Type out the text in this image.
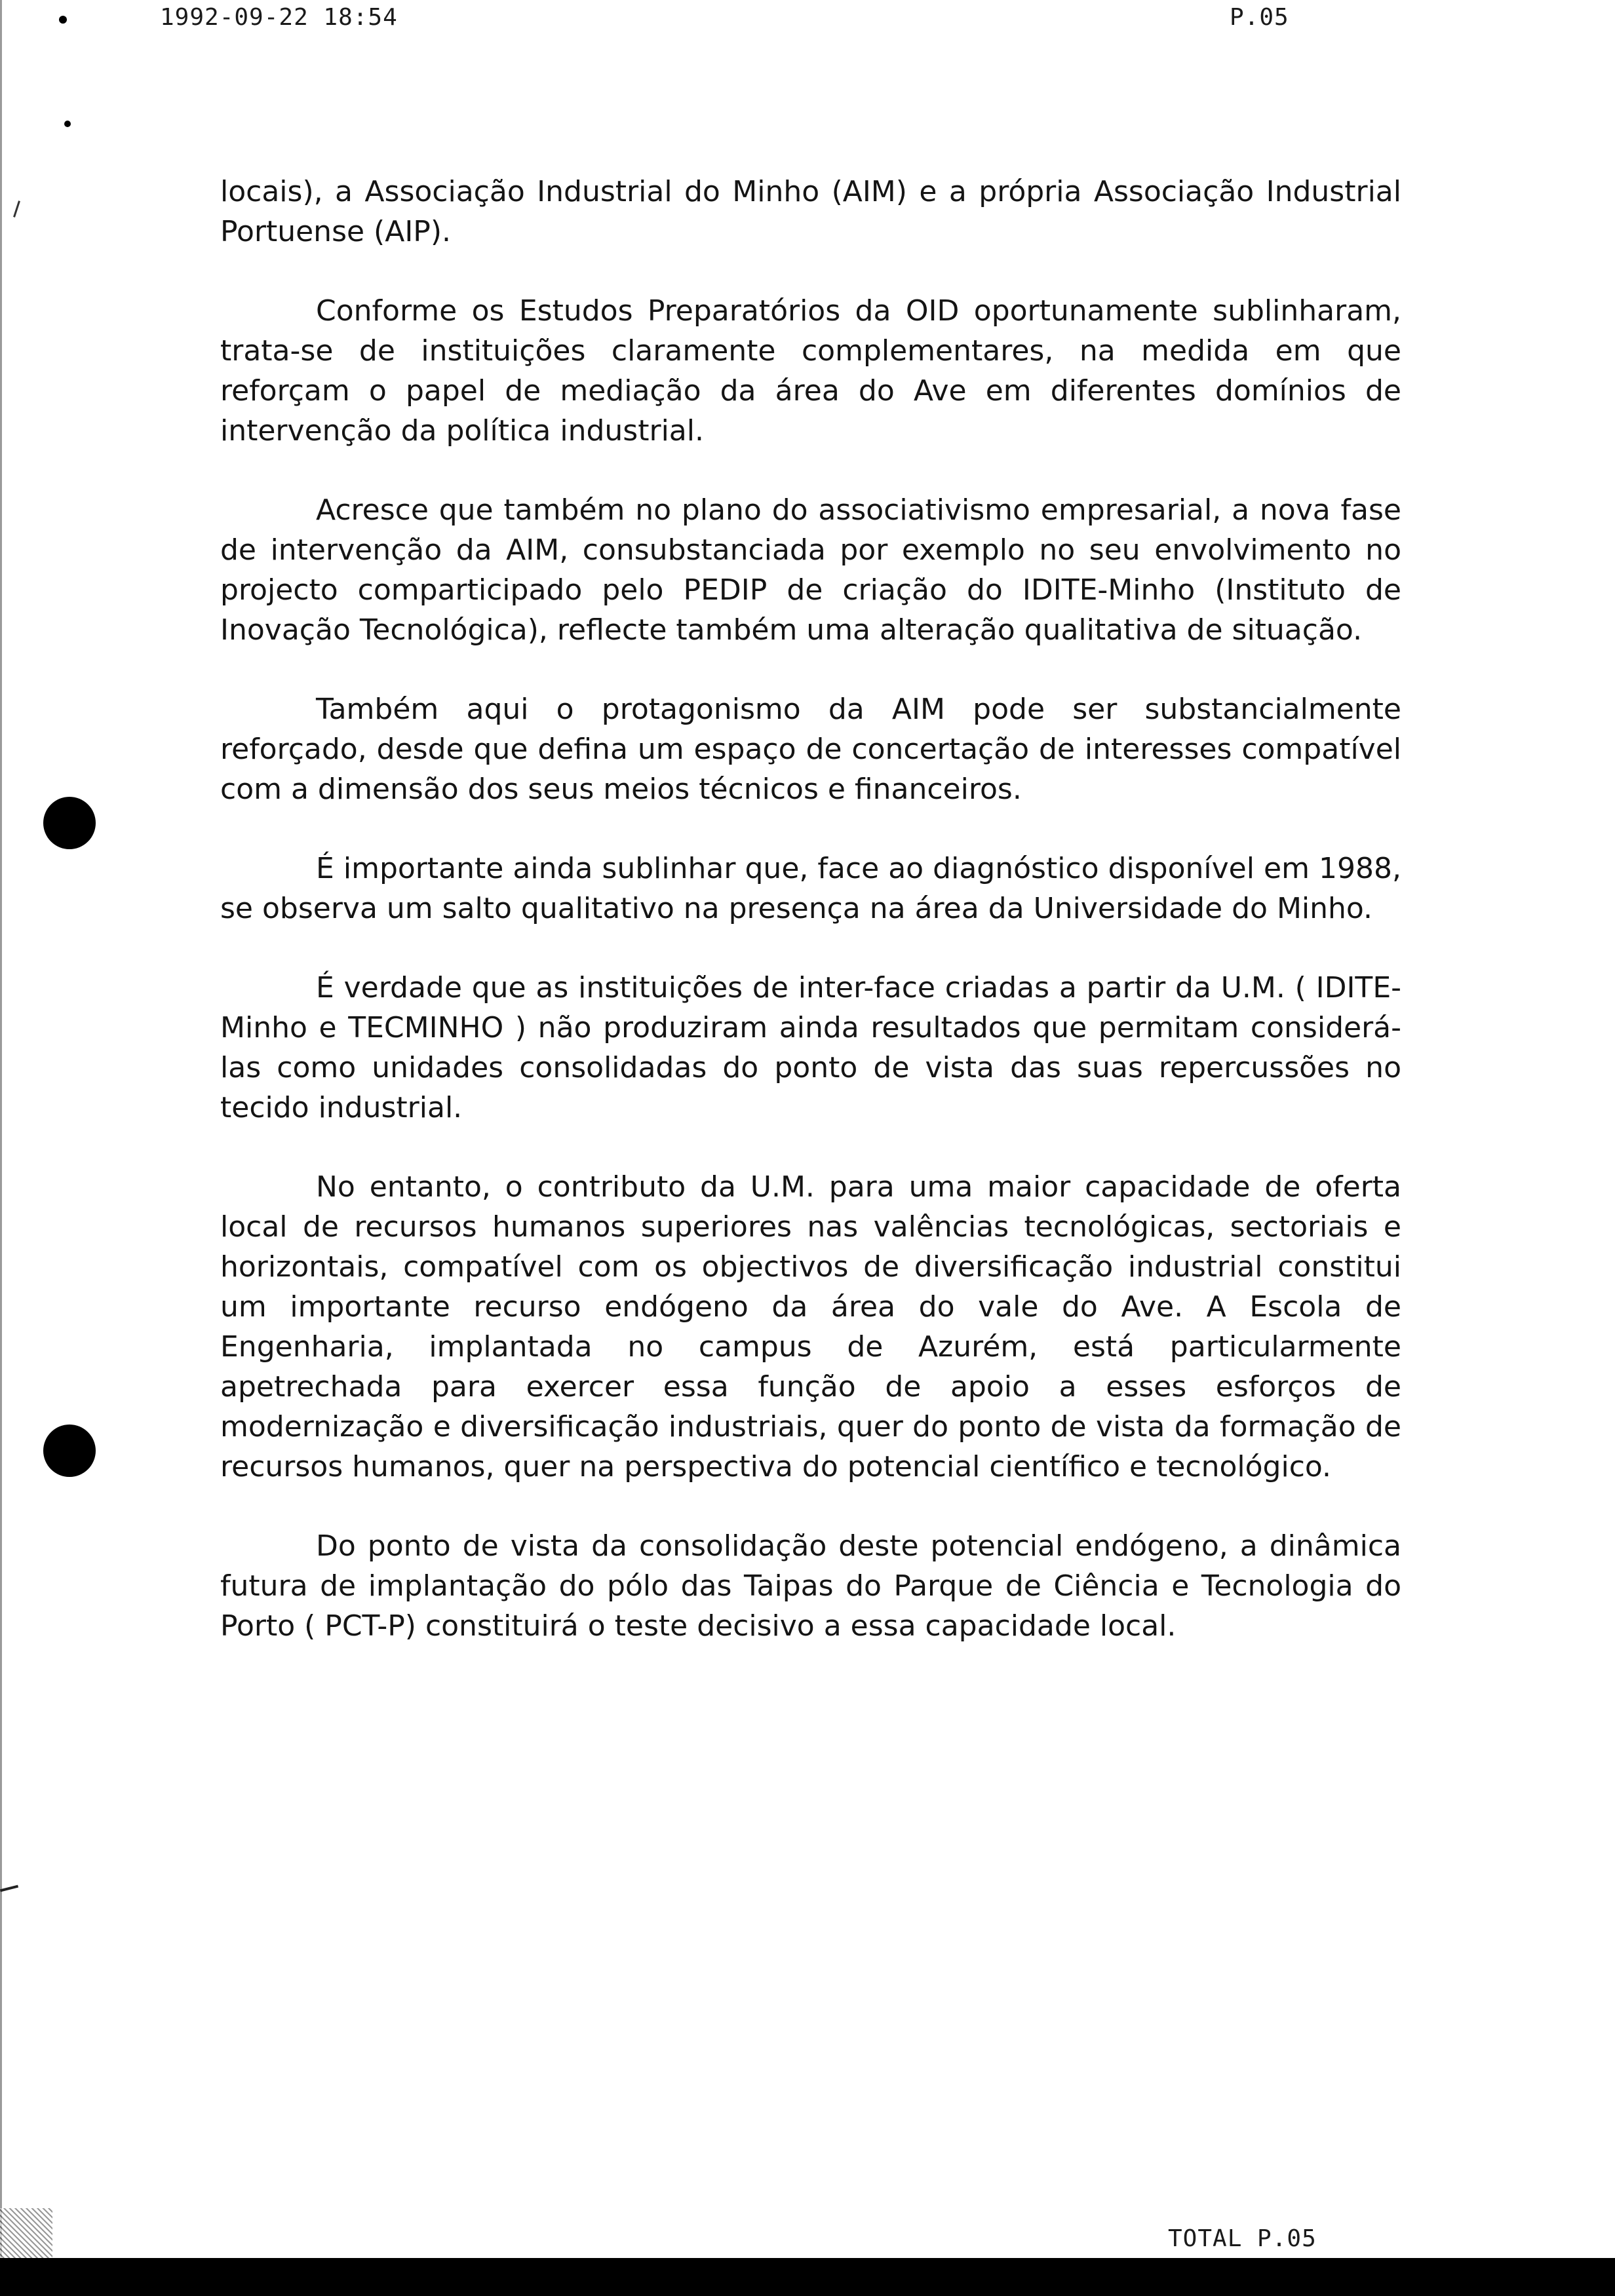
1992-09-22 18:54	P.05

locais), a Associação Industrial do Minho (AIM) e a própria Associação Industrial Portuense (AIP).

Conforme os Estudos Preparatórios da OID oportunamente sublinharam, trata-se de instituições claramente complementares, na medida em que reforçam o papel de mediação da área do Ave em diferentes domínios de intervenção da política industrial.

Acresce que também no plano do associativismo empresarial, a nova fase de intervenção da AIM, consubstanciada por exemplo no seu envolvimento no projecto comparticipado pelo PEDIP de criação do IDITE-Minho (Instituto de Inovação Tecnológica), reflecte também uma alteração qualitativa de situação.

Também aqui o protagonismo da AIM pode ser substancialmente reforçado, desde que defina um espaço de concertação de interesses compatível com a dimensão dos seus meios técnicos e financeiros.

É importante ainda sublinhar que, face ao diagnóstico disponível em 1988, se observa um salto qualitativo na presença na área da Universidade do Minho.

É verdade que as instituições de inter-face criadas a partir da U.M. ( IDITE-Minho e TECMINHO ) não produziram ainda resultados que permitam considerá-las como unidades consolidadas do ponto de vista das suas repercussões no tecido industrial.

No entanto, o contributo da U.M. para uma maior capacidade de oferta local de recursos humanos superiores nas valências tecnológicas, sectoriais e horizontais, compatível com os objectivos de diversificação industrial constitui um importante recurso endógeno da área do vale do Ave. A Escola de Engenharia, implantada no campus de Azurém, está particularmente apetrechada para exercer essa função de apoio a esses esforços de modernização e diversificação industriais, quer do ponto de vista da formação de recursos humanos, quer na perspectiva do potencial científico e tecnológico.

Do ponto de vista da consolidação deste potencial endógeno, a dinâmica futura de implantação do pólo das Taipas do Parque de Ciência e Tecnologia do Porto ( PCT-P) constituirá o teste decisivo a essa capacidade local.

TOTAL P.05
